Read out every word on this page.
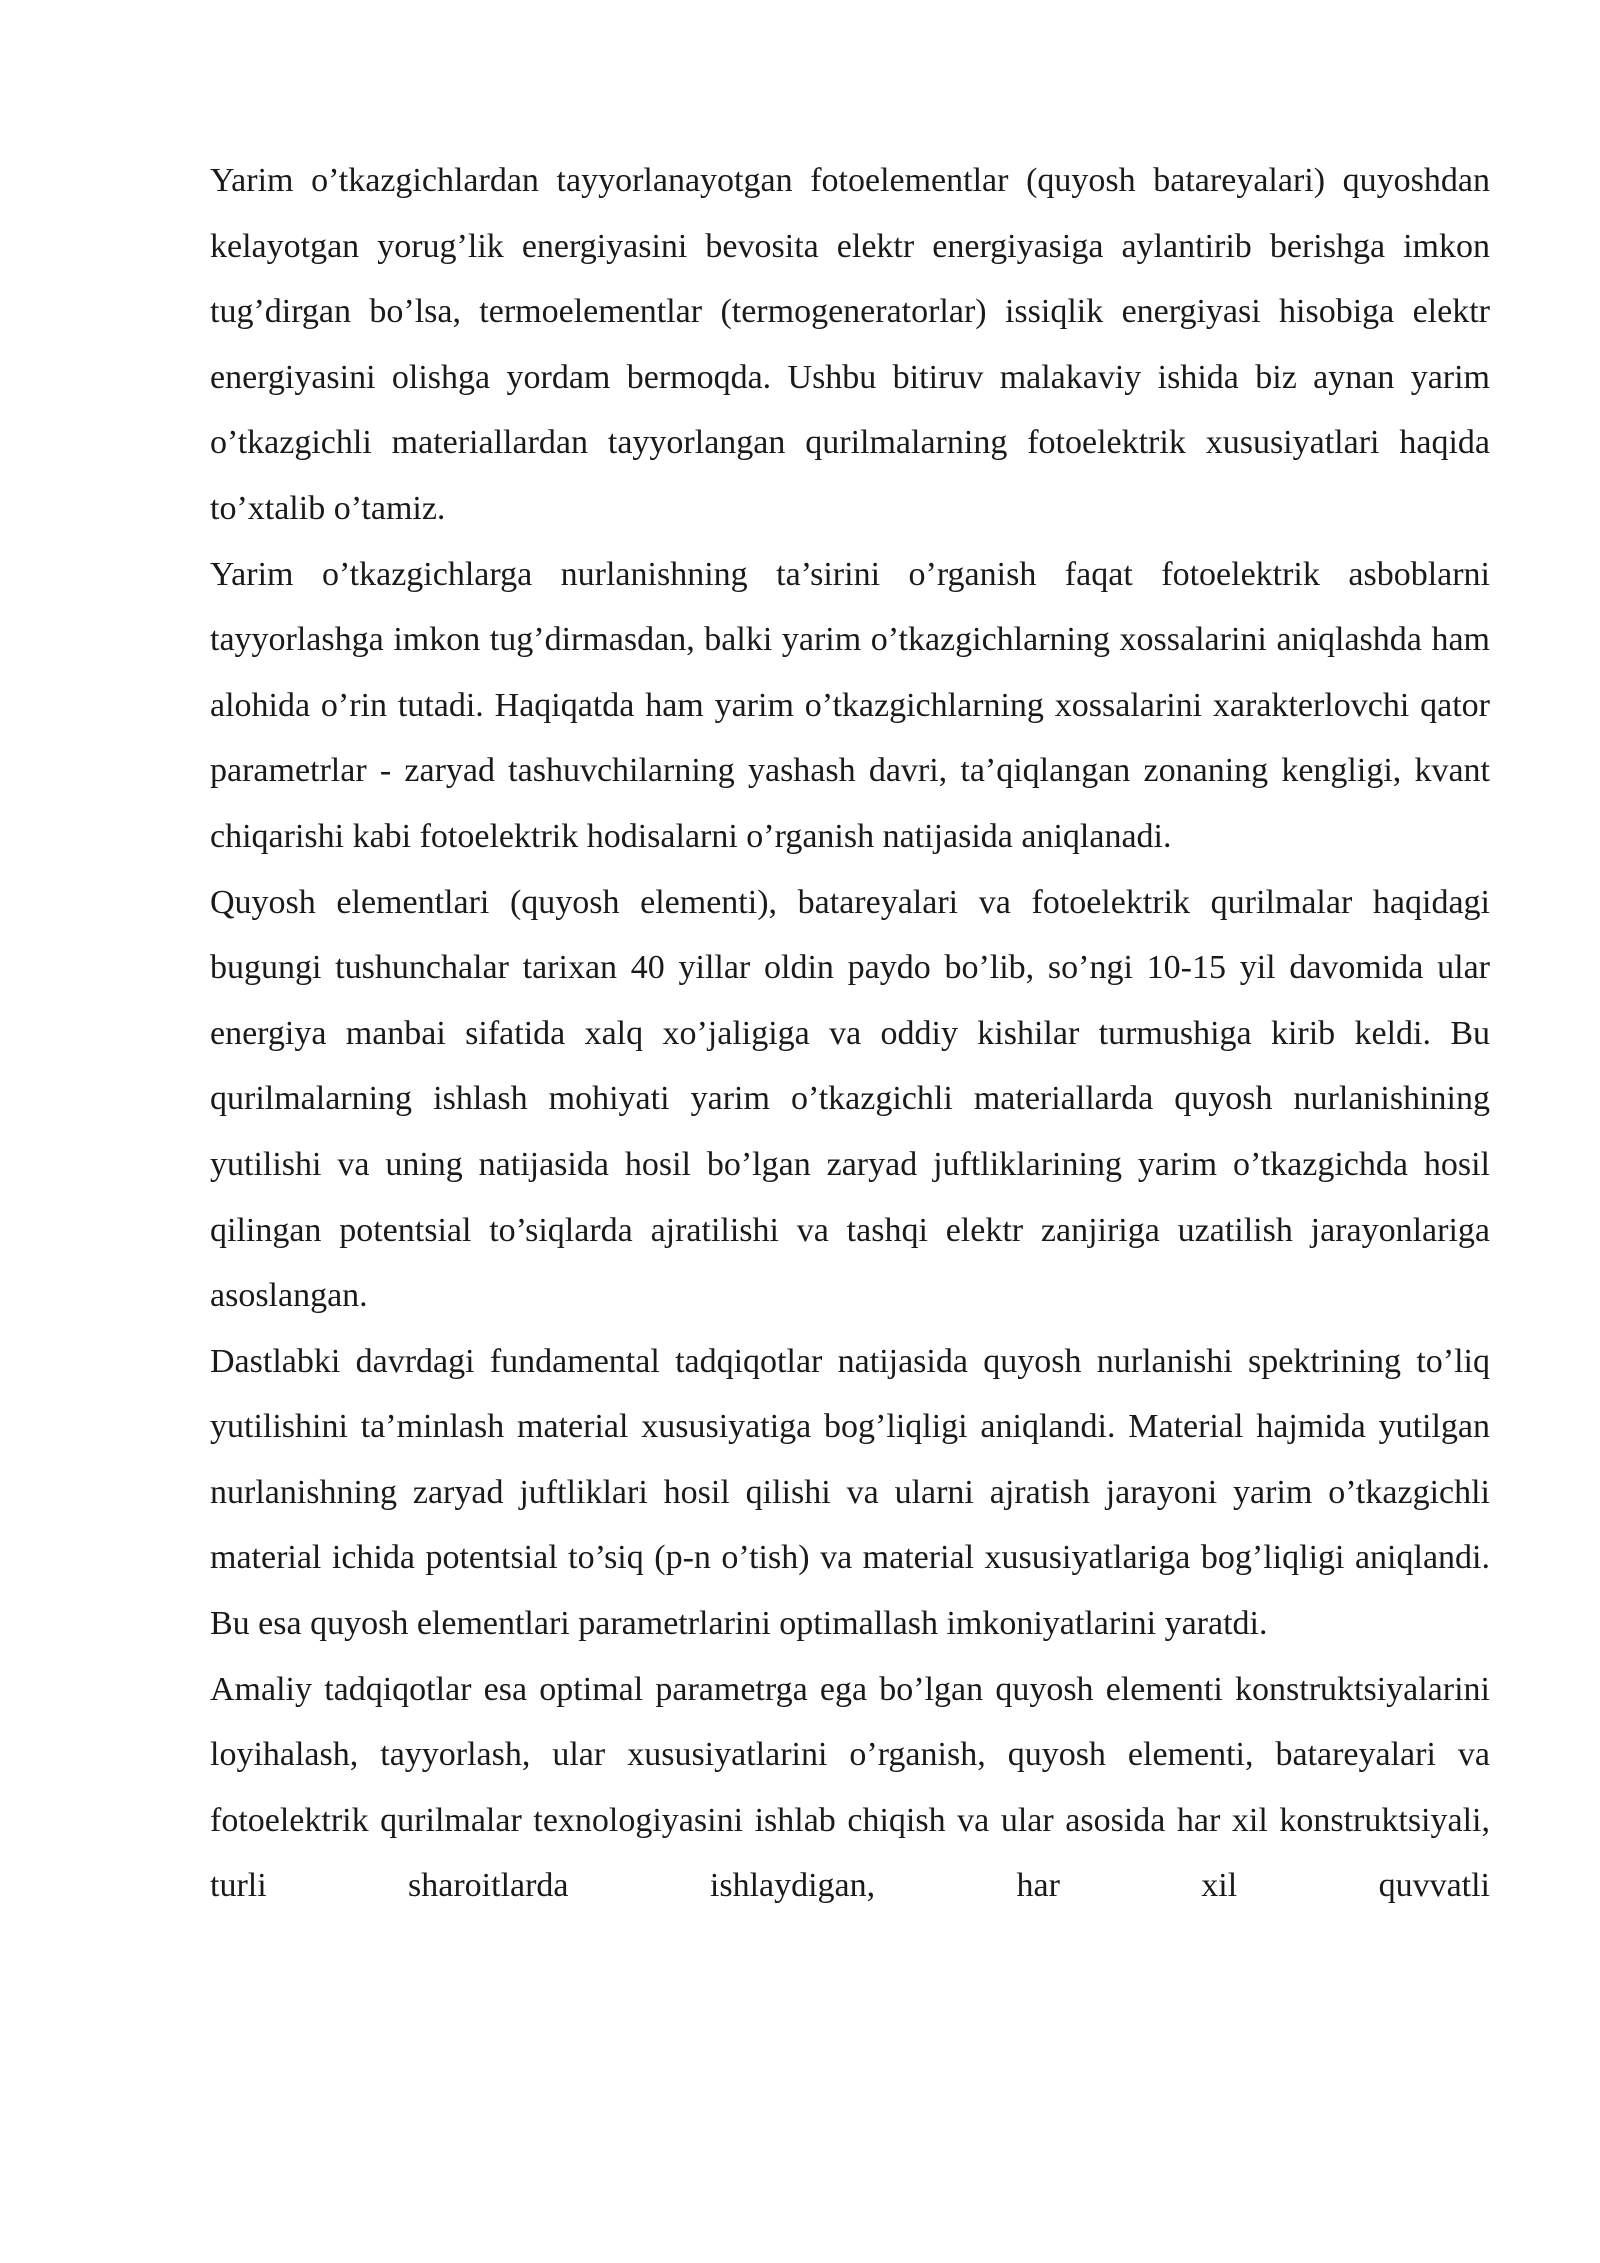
Yarim o’tkazgichlardan tayyorlanayotgan fotoelementlar (quyosh batareyalari) quyoshdan kelayotgan yorug’lik energiyasini bevosita elektr energiyasiga aylantirib berishga imkon tug’dirgan bo’lsa, termoelementlar (termogeneratorlar) issiqlik energiyasi hisobiga elektr energiyasini olishga yordam bermoqda. Ushbu bitiruv malakaviy ishida biz aynan yarim o’tkazgichli materiallardan tayyorlangan qurilmalarning fotoelektrik xususiyatlari haqida to’xtalib o’tamiz.

Yarim o’tkazgichlarga nurlanishning ta’sirini o’rganish faqat fotoelektrik asboblarni tayyorlashga imkon tug’dirmasdan, balki yarim o’tkazgichlarning xossalarini aniqlashda ham alohida o’rin tutadi. Haqiqatda ham yarim o’tkazgichlarning xossalarini xarakterlovchi qator parametrlar - zaryad tashuvchilarning yashash davri, ta’qiqlangan zonaning kengligi, kvant chiqarishi kabi fotoelektrik hodisalarni o’rganish natijasida aniqlanadi.

Quyosh elementlari (quyosh elementi), batareyalari va fotoelektrik qurilmalar haqidagi bugungi tushunchalar tarixan 40 yillar oldin paydo bo’lib, so’ngi 10-15 yil davomida ular energiya manbai sifatida xalq xo’jaligiga va oddiy kishilar turmushiga kirib keldi. Bu qurilmalarning ishlash mohiyati yarim o’tkazgichli materiallarda quyosh nurlanishining yutilishi va uning natijasida hosil bo’lgan zaryad juftliklarining yarim o’tkazgichda hosil qilingan potentsial to’siqlarda ajratilishi va tashqi elektr zanjiriga uzatilish jarayonlariga asoslangan.

Dastlabki davrdagi fundamental tadqiqotlar natijasida quyosh nurlanishi spektrining to’liq yutilishini ta’minlash material xususiyatiga bog’liqligi aniqlandi. Material hajmida yutilgan nurlanishning zaryad juftliklari hosil qilishi va ularni ajratish jarayoni yarim o’tkazgichli material ichida potentsial to’siq (p-n o’tish) va material xususiyatlariga bog’liqligi aniqlandi. Bu esa quyosh elementlari parametrlarini optimallash imkoniyatlarini yaratdi.

Amaliy tadqiqotlar esa optimal parametrga ega bo’lgan quyosh elementi konstruktsiyalarini loyihalash, tayyorlash, ular xususiyatlarini o’rganish, quyosh elementi, batareyalari va fotoelektrik qurilmalar texnologiyasini ishlab chiqish va ular asosida har xil konstruktsiyali, turli sharoitlarda ishlaydigan, har xil quvvatli
